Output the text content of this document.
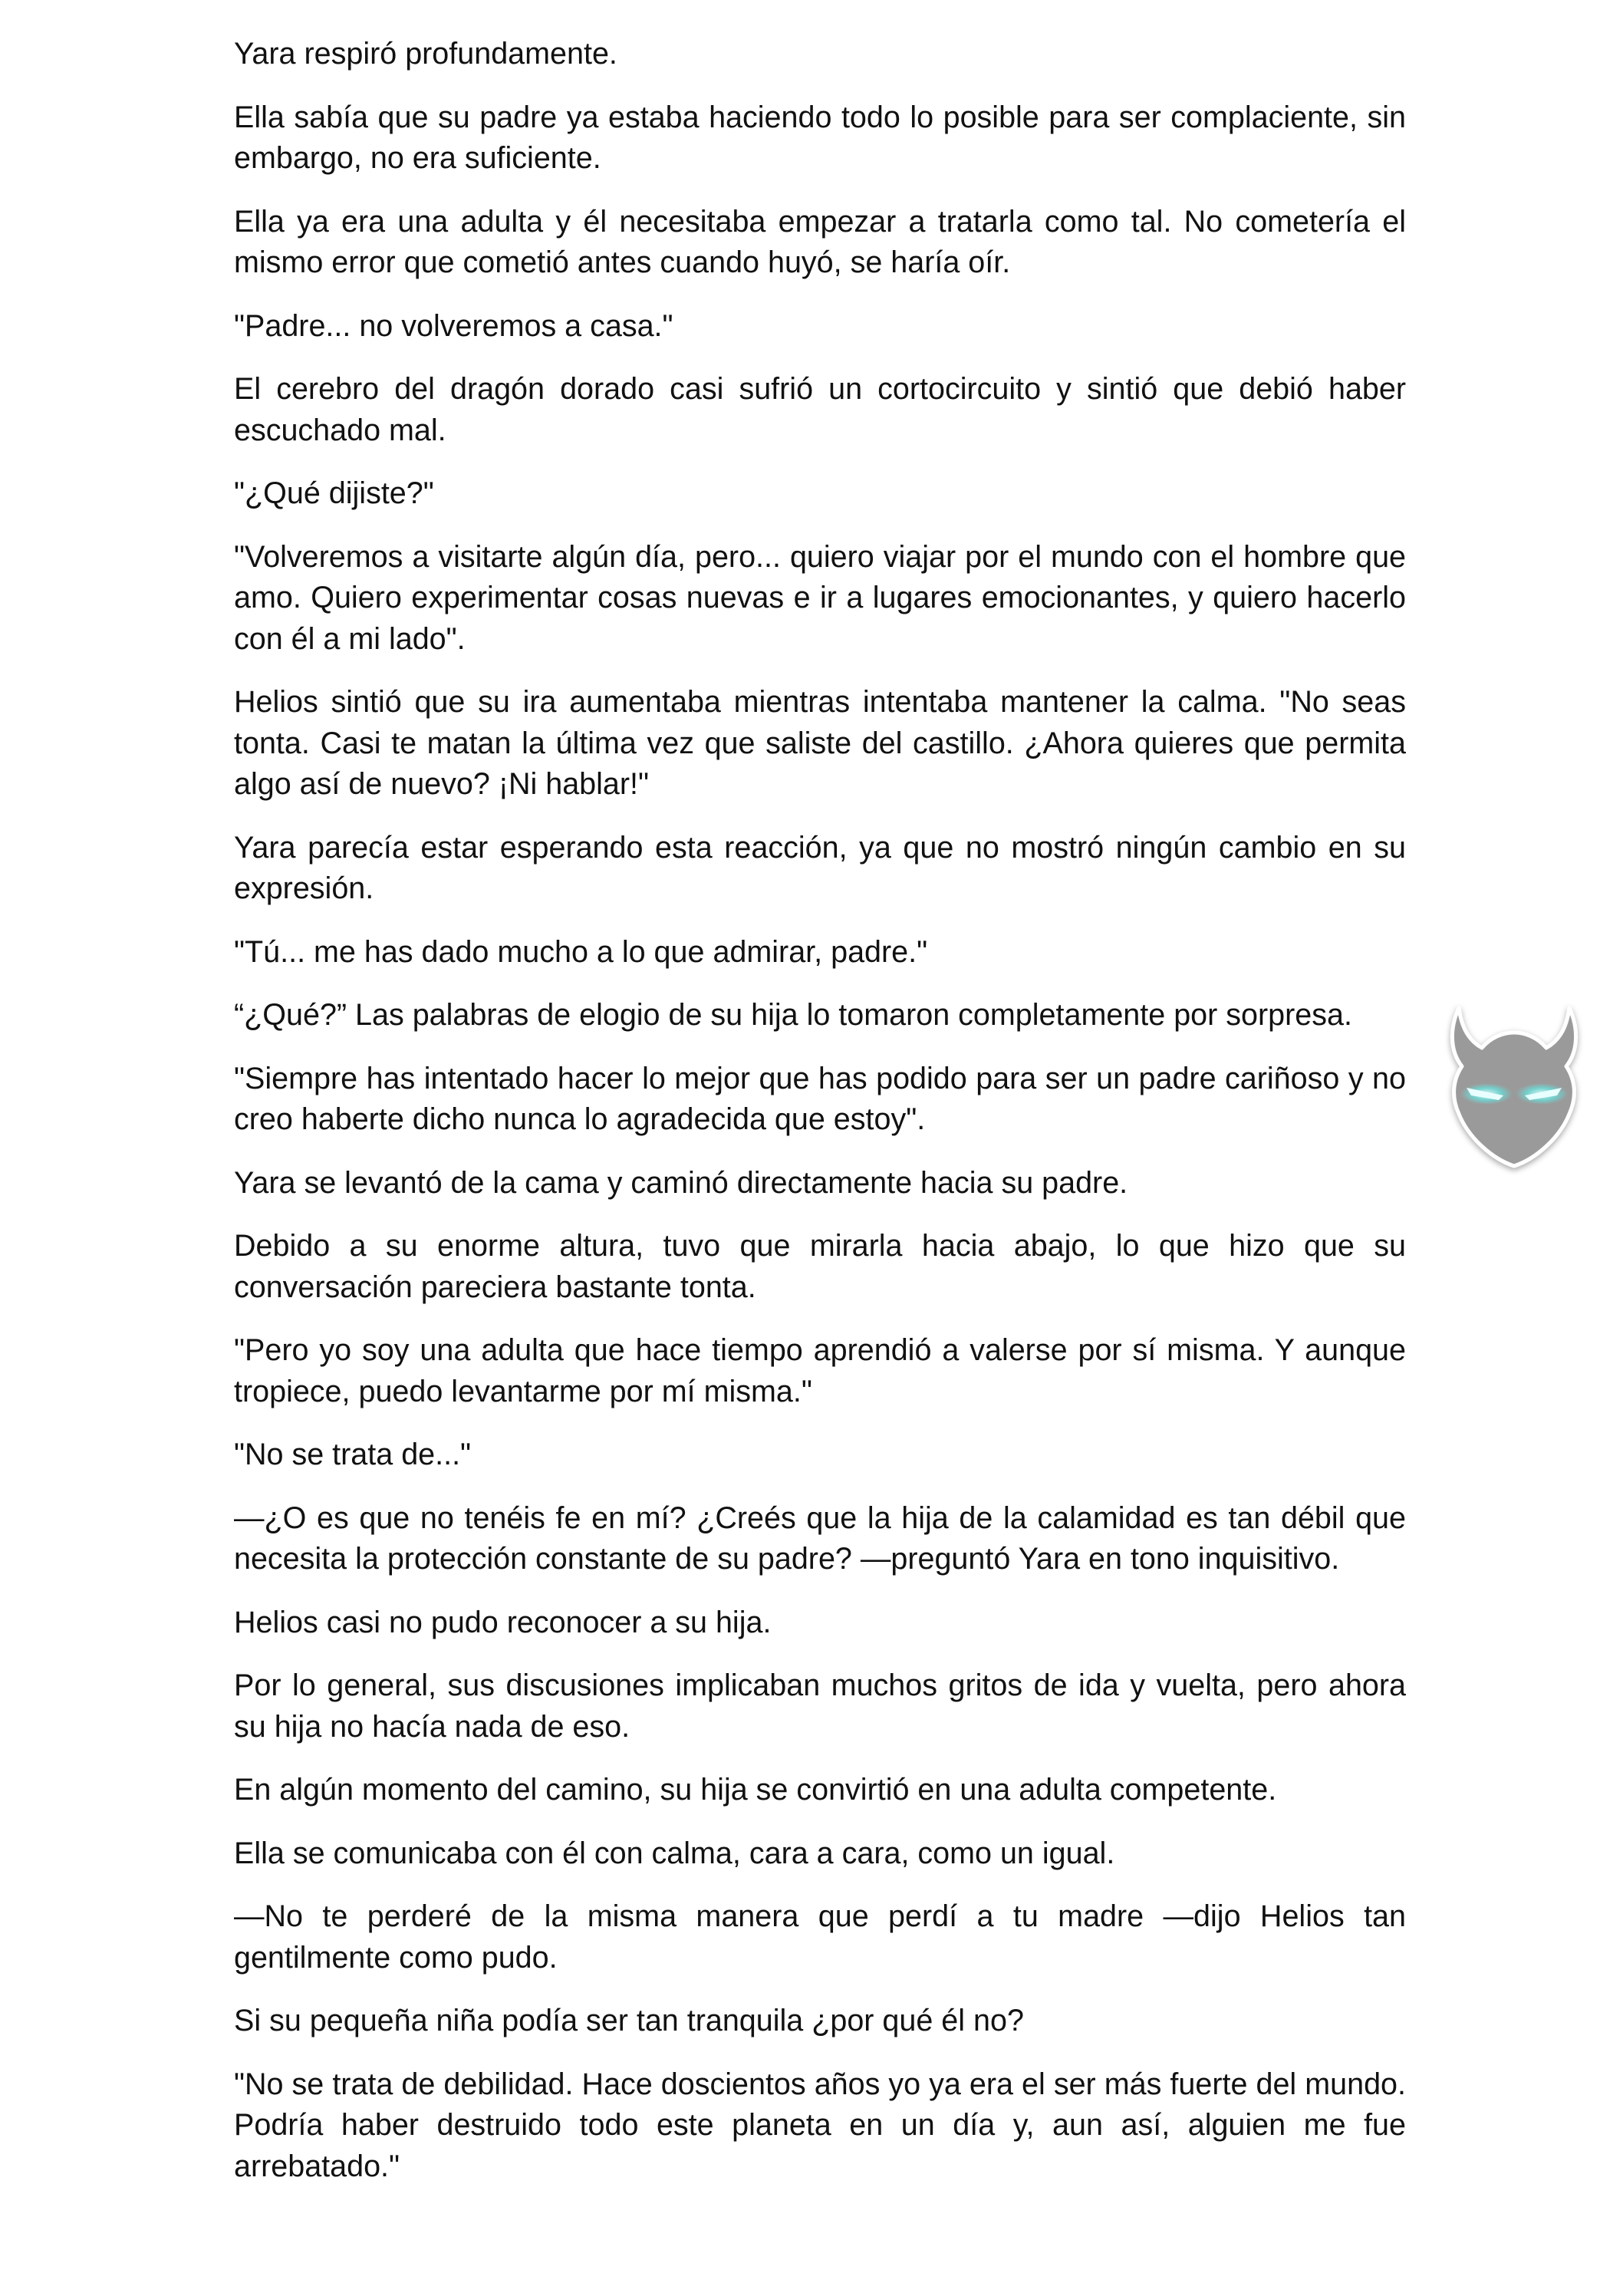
Yara respiró profundamente.

Ella sabía que su padre ya estaba haciendo todo lo posible para ser complaciente, sin embargo, no era suficiente.

Ella ya era una adulta y él necesitaba empezar a tratarla como tal. No cometería el mismo error que cometió antes cuando huyó, se haría oír.

"Padre... no volveremos a casa."

El cerebro del dragón dorado casi sufrió un cortocircuito y sintió que debió haber escuchado mal.

"¿Qué dijiste?"

"Volveremos a visitarte algún día, pero... quiero viajar por el mundo con el hombre que amo. Quiero experimentar cosas nuevas e ir a lugares emocionantes, y quiero hacerlo con él a mi lado".

Helios sintió que su ira aumentaba mientras intentaba mantener la calma. "No seas tonta. Casi te matan la última vez que saliste del castillo. ¿Ahora quieres que permita algo así de nuevo? ¡Ni hablar!"

Yara parecía estar esperando esta reacción, ya que no mostró ningún cambio en su expresión.

"Tú... me has dado mucho a lo que admirar, padre."

“¿Qué?” Las palabras de elogio de su hija lo tomaron completamente por sorpresa.

"Siempre has intentado hacer lo mejor que has podido para ser un padre cariñoso y no creo haberte dicho nunca lo agradecida que estoy".

Yara se levantó de la cama y caminó directamente hacia su padre.

Debido a su enorme altura, tuvo que mirarla hacia abajo, lo que hizo que su conversación pareciera bastante tonta.

"Pero yo soy una adulta que hace tiempo aprendió a valerse por sí misma. Y aunque tropiece, puedo levantarme por mí misma."

"No se trata de..."

—¿O es que no tenéis fe en mí? ¿Creés que la hija de la calamidad es tan débil que necesita la protección constante de su padre? —preguntó Yara en tono inquisitivo.

Helios casi no pudo reconocer a su hija.

Por lo general, sus discusiones implicaban muchos gritos de ida y vuelta, pero ahora su hija no hacía nada de eso.

En algún momento del camino, su hija se convirtió en una adulta competente.

Ella se comunicaba con él con calma, cara a cara, como un igual.

—No te perderé de la misma manera que perdí a tu madre —dijo Helios tan gentilmente como pudo.

Si su pequeña niña podía ser tan tranquila ¿por qué él no?

"No se trata de debilidad. Hace doscientos años yo ya era el ser más fuerte del mundo. Podría haber destruido todo este planeta en un día y, aun así, alguien me fue arrebatado."
